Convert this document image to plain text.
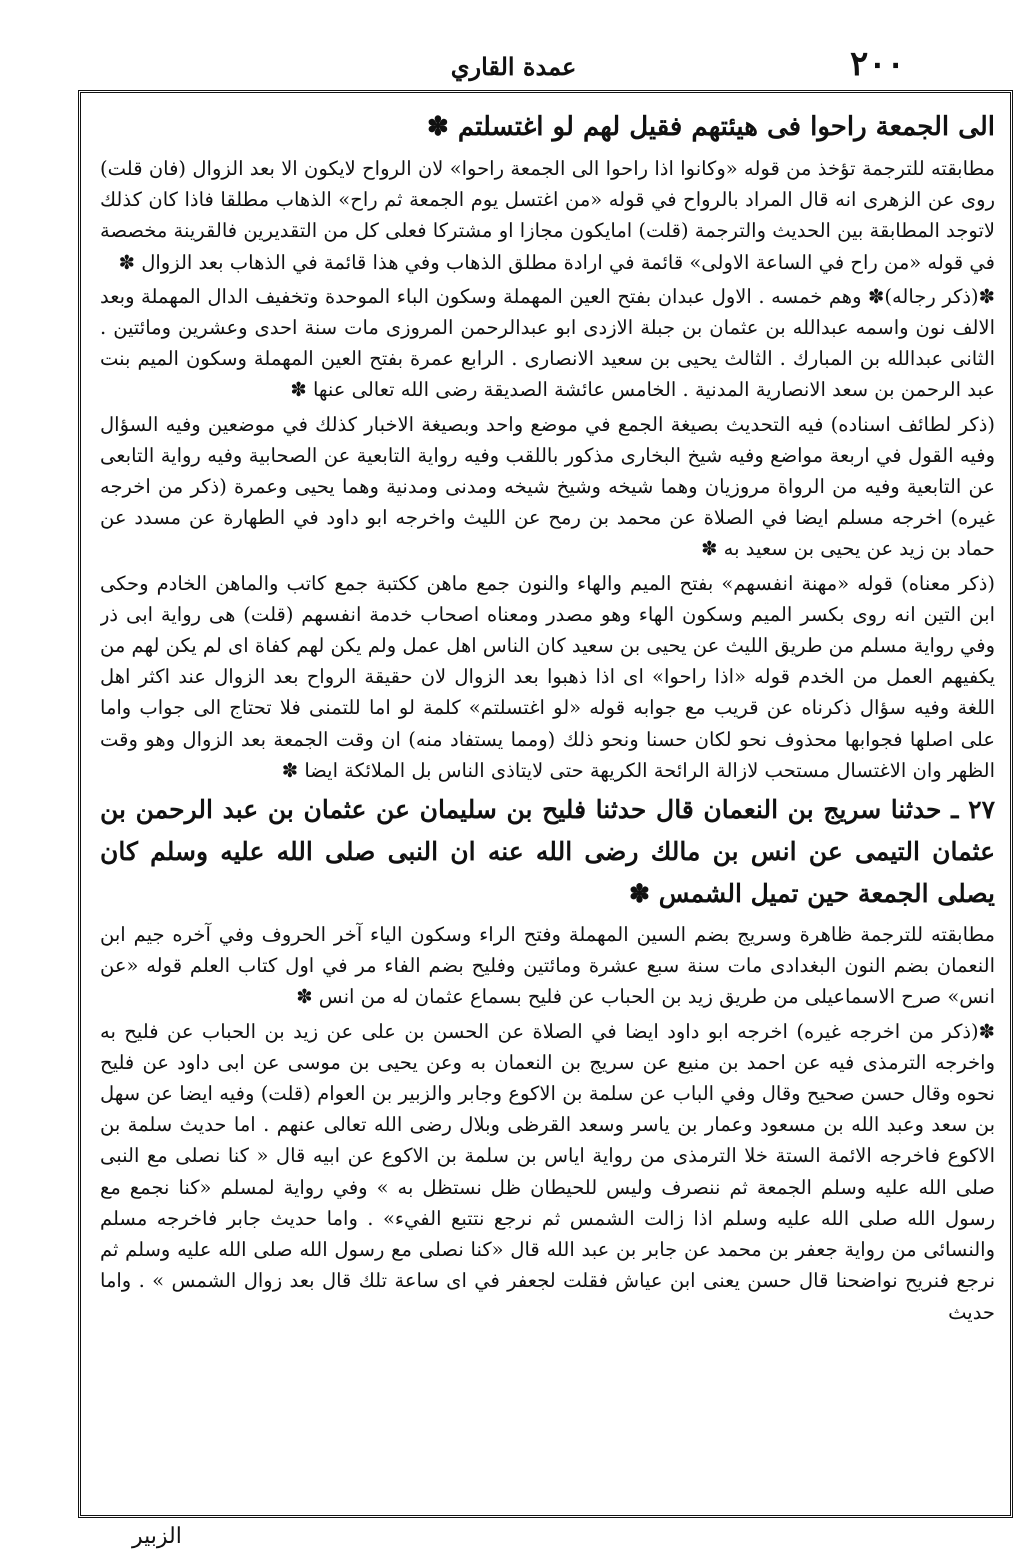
٢٠٠
عمدة القاري
الى الجمعة راحوا فى هيئتهم فقيل لهم لو اغتسلتم ✽

مطابقته للترجمة تؤخذ من قوله «وكانوا اذا راحوا الى الجمعة راحوا» لان الرواح لايكون الا بعد الزوال (فان قلت) روى عن الزهرى انه قال المراد بالرواح في قوله «من اغتسل يوم الجمعة ثم راح» الذهاب مطلقا فاذا كان كذلك لاتوجد المطابقة بين الحديث والترجمة (قلت) امايكون مجازا او مشتركا فعلى كل من التقديرين فالقرينة مخصصة في قوله «من راح في الساعة الاولى» قائمة في ارادة مطلق الذهاب وفي هذا قائمة في الذهاب بعد الزوال ✽

✽(ذكر رجاله)✽ وهم خمسه . الاول عبدان بفتح العين المهملة وسكون الباء الموحدة وتخفيف الدال المهملة وبعد الالف نون واسمه عبدالله بن عثمان بن جبلة الازدى ابو عبدالرحمن المروزى مات سنة احدى وعشرين ومائتين . الثانى عبدالله بن المبارك . الثالث يحيى بن سعيد الانصارى . الرابع عمرة بفتح العين المهملة وسكون الميم بنت عبد الرحمن بن سعد الانصارية المدنية . الخامس عائشة الصديقة رضى الله تعالى عنها ✽

(ذكر لطائف اسناده) فيه التحديث بصيغة الجمع في موضع واحد وبصيغة الاخبار كذلك في موضعين وفيه السؤال وفيه القول في اربعة مواضع وفيه شيخ البخارى مذكور باللقب وفيه رواية التابعية عن الصحابية وفيه رواية التابعى عن التابعية وفيه من الرواة مروزيان وهما شيخه وشيخ شيخه ومدنى ومدنية وهما يحيى وعمرة (ذكر من اخرجه غيره) اخرجه مسلم ايضا في الصلاة عن محمد بن رمح عن الليث واخرجه ابو داود في الطهارة عن مسدد عن حماد بن زيد عن يحيى بن سعيد به ✽

(ذكر معناه) قوله «مهنة انفسهم» بفتح الميم والهاء والنون جمع ماهن ككتبة جمع كاتب والماهن الخادم وحكى ابن التين انه روى بكسر الميم وسكون الهاء وهو مصدر ومعناه اصحاب خدمة انفسهم (قلت) هى رواية ابى ذر وفي رواية مسلم من طريق الليث عن يحيى بن سعيد كان الناس اهل عمل ولم يكن لهم كفاة اى لم يكن لهم من يكفيهم العمل من الخدم قوله «اذا راحوا» اى اذا ذهبوا بعد الزوال لان حقيقة الرواح بعد الزوال عند اكثر اهل اللغة وفيه سؤال ذكرناه عن قريب مع جوابه قوله «لو اغتسلتم» كلمة لو اما للتمنى فلا تحتاج الى جواب واما على اصلها فجوابها محذوف نحو لكان حسنا ونحو ذلك (ومما يستفاد منه) ان وقت الجمعة بعد الزوال وهو وقت الظهر وان الاغتسال مستحب لازالة الرائحة الكريهة حتى لايتاذى الناس بل الملائكة ايضا ✽

٢٧ ـ حدثنا سريج بن النعمان قال حدثنا فليح بن سليمان عن عثمان بن عبد الرحمن بن عثمان التيمى عن انس بن مالك رضى الله عنه ان النبى صلى الله عليه وسلم كان يصلى الجمعة حين تميل الشمس ✽

مطابقته للترجمة ظاهرة وسريج بضم السين المهملة وفتح الراء وسكون الياء آخر الحروف وفي آخره جيم ابن النعمان بضم النون البغدادى مات سنة سبع عشرة ومائتين وفليح بضم الفاء مر في اول كتاب العلم قوله «عن انس» صرح الاسماعيلى من طريق زيد بن الحباب عن فليح بسماع عثمان له من انس ✽

✽(ذكر من اخرجه غيره) اخرجه ابو داود ايضا في الصلاة عن الحسن بن على عن زيد بن الحباب عن فليح به واخرجه الترمذى فيه عن احمد بن منيع عن سريج بن النعمان به وعن يحيى بن موسى عن ابى داود عن فليح نحوه وقال حسن صحيح وقال وفي الباب عن سلمة بن الاكوع وجابر والزبير بن العوام (قلت) وفيه ايضا عن سهل بن سعد وعبد الله بن مسعود وعمار بن ياسر وسعد القرظى وبلال رضى الله تعالى عنهم . اما حديث سلمة بن الاكوع فاخرجه الائمة الستة خلا الترمذى من رواية اياس بن سلمة بن الاكوع عن ابيه قال « كنا نصلى مع النبى صلى الله عليه وسلم الجمعة ثم ننصرف وليس للحيطان ظل نستظل به » وفي رواية لمسلم «كنا نجمع مع رسول الله صلى الله عليه وسلم اذا زالت الشمس ثم نرجع نتتبع الفيء» . واما حديث جابر فاخرجه مسلم والنسائى من رواية جعفر بن محمد عن جابر بن عبد الله قال «كنا نصلى مع رسول الله صلى الله عليه وسلم ثم نرجع فنريح نواضحنا قال حسن يعنى ابن عياش فقلت لجعفر في اى ساعة تلك قال بعد زوال الشمس » . واما حديث

الزبير
